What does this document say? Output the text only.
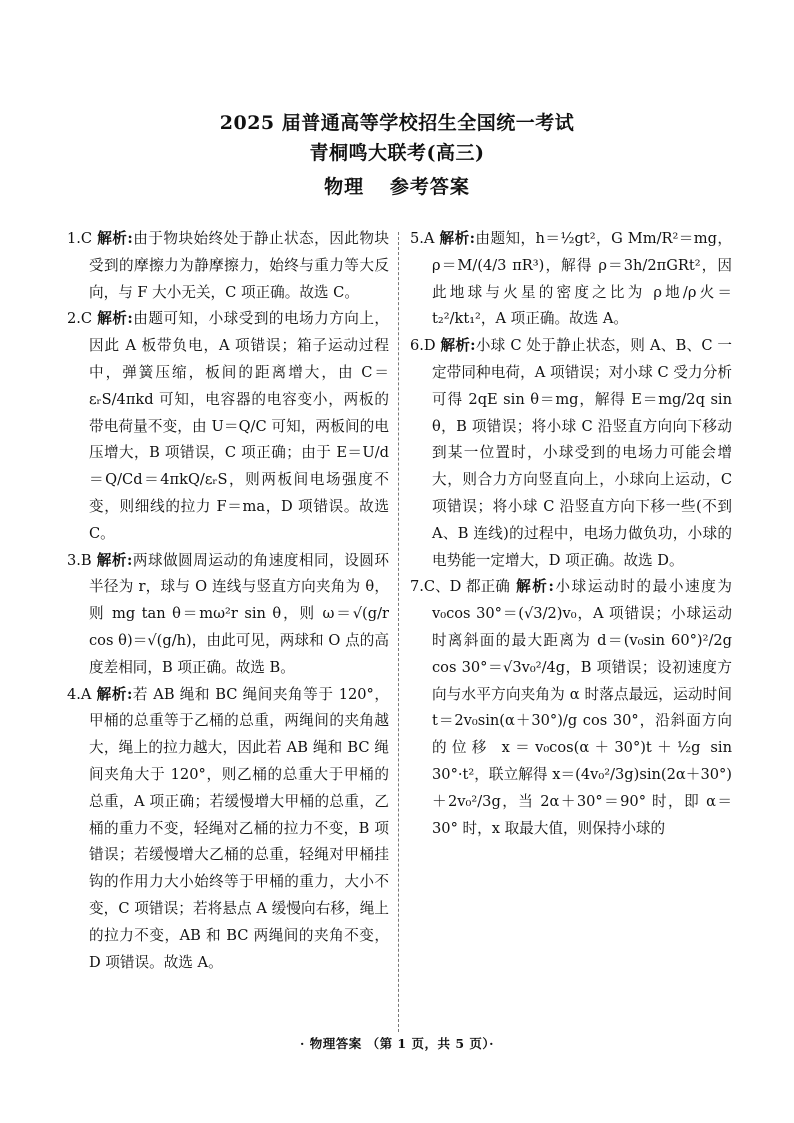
2025 届普通高等学校招生全国统一考试
青桐鸣大联考(高三)
物理 参考答案

1.C 解析:由于物块始终处于静止状态，因此物块受到的摩擦力为静摩擦力，始终与重力等大反向，与 F 大小无关，C 项正确。故选 C。

2.C 解析:由题可知，小球受到的电场力方向上，因此 A 板带负电，A 项错误；箱子运动过程中，弹簧压缩，板间的距离增大，由 C＝εᵣS/4πkd 可知，电容器的电容变小，两板的带电荷量不变，由 U＝Q/C 可知，两板间的电压增大，B 项错误，C 项正确；由于 E＝U/d＝Q/Cd＝4πkQ/εᵣS，则两板间电场强度不变，则细线的拉力 F＝ma，D 项错误。故选 C。

3.B 解析:两球做圆周运动的角速度相同，设圆环半径为 r，球与 O 连线与竖直方向夹角为 θ，则 mg tan θ＝mω²r sin θ，则 ω＝√(g/r cos θ)＝√(g/h)，由此可见，两球和 O 点的高度差相同，B 项正确。故选 B。

4.A 解析:若 AB 绳和 BC 绳间夹角等于 120°，甲桶的总重等于乙桶的总重，两绳间的夹角越大，绳上的拉力越大，因此若 AB 绳和 BC 绳间夹角大于 120°，则乙桶的总重大于甲桶的总重，A 项正确；若缓慢增大甲桶的总重，乙桶的重力不变，轻绳对乙桶的拉力不变，B 项错误；若缓慢增大乙桶的总重，轻绳对甲桶挂钩的作用力大小始终等于甲桶的重力，大小不变，C 项错误；若将悬点 A 缓慢向右移，绳上的拉力不变，AB 和 BC 两绳间的夹角不变，D 项错误。故选 A。

5.A 解析:由题知，h＝½gt²，G Mm/R²＝mg，ρ＝M/(4/3 πR³)，解得 ρ＝3h/2πGRt²，因此地球与火星的密度之比为 ρ地/ρ火＝t₂²/kt₁²，A 项正确。故选 A。

6.D 解析:小球 C 处于静止状态，则 A、B、C 一定带同种电荷，A 项错误；对小球 C 受力分析可得 2qE sin θ＝mg，解得 E＝mg/2q sin θ，B 项错误；将小球 C 沿竖直方向向下移动到某一位置时，小球受到的电场力可能会增大，则合力方向竖直向上，小球向上运动，C 项错误；将小球 C 沿竖直方向下移一些(不到 A、B 连线)的过程中，电场力做负功，小球的电势能一定增大，D 项正确。故选 D。

7.C、D 都正确 解析:小球运动时的最小速度为 v₀cos 30°＝(√3/2)v₀，A 项错误；小球运动时离斜面的最大距离为 d＝(v₀sin 60°)²/2g cos 30°＝√3v₀²/4g，B 项错误；设初速度方向与水平方向夹角为 α 时落点最远，运动时间 t＝2v₀sin(α＋30°)/g cos 30°，沿斜面方向的位移 x＝v₀cos(α＋30°)t＋½g sin 30°·t²，联立解得 x＝(4v₀²/3g)sin(2α＋30°)＋2v₀²/3g，当 2α＋30°＝90° 时，即 α＝30° 时，x 取最大值，则保持小球的

· 物理答案 （第 1 页，共 5 页）·
